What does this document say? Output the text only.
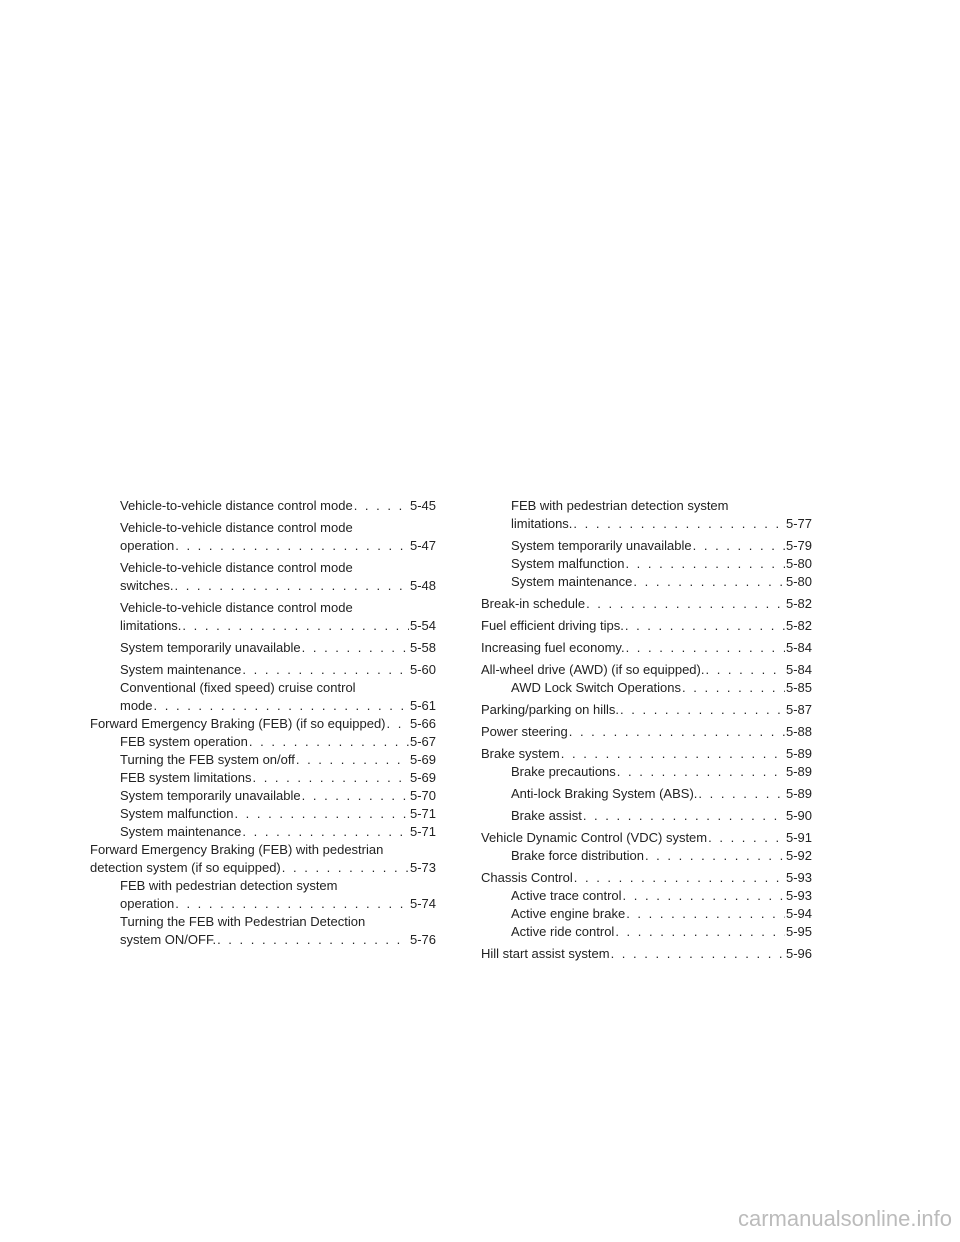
Vehicle-to-vehicle distance control mode . . .	5-45
Vehicle-to-vehicle distance control mode
operation . . .	5-47
Vehicle-to-vehicle distance control mode
switches. . . .	5-48
Vehicle-to-vehicle distance control mode
limitations. . . .	5-54
System temporarily unavailable . . .	5-58
System maintenance . . .	5-60
Conventional (fixed speed) cruise control
mode . . .	5-61
Forward Emergency Braking (FEB) (if so equipped) . . . 5-66
FEB system operation . . .	5-67
Turning the FEB system on/off . . .	5-69
FEB system limitations . . .	5-69
System temporarily unavailable . . .	5-70
System malfunction . . .	5-71
System maintenance . . .	5-71
Forward Emergency Braking (FEB) with pedestrian
detection system (if so equipped) . . .	5-73
FEB with pedestrian detection system
operation . . .	5-74
Turning the FEB with Pedestrian Detection
system ON/OFF. . . .	5-76
FEB with pedestrian detection system
limitations. . . .	5-77
System temporarily unavailable . . .	5-79
System malfunction . . .	5-80
System maintenance . . .	5-80
Break-in schedule . . .	5-82
Fuel efficient driving tips. . . .	5-82
Increasing fuel economy. . . .	5-84
All-wheel drive (AWD) (if so equipped). . . .	5-84
AWD Lock Switch Operations . . .	5-85
Parking/parking on hills. . . .	5-87
Power steering . . .	5-88
Brake system . . .	5-89
Brake precautions . . .	5-89
Anti-lock Braking System (ABS). . . .	5-89
Brake assist . . .	5-90
Vehicle Dynamic Control (VDC) system . . .	5-91
Brake force distribution . . .	5-92
Chassis Control . . .	5-93
Active trace control . . .	5-93
Active engine brake . . .	5-94
Active ride control . . .	5-95
Hill start assist system . . .	5-96
carmanualsonline.info
